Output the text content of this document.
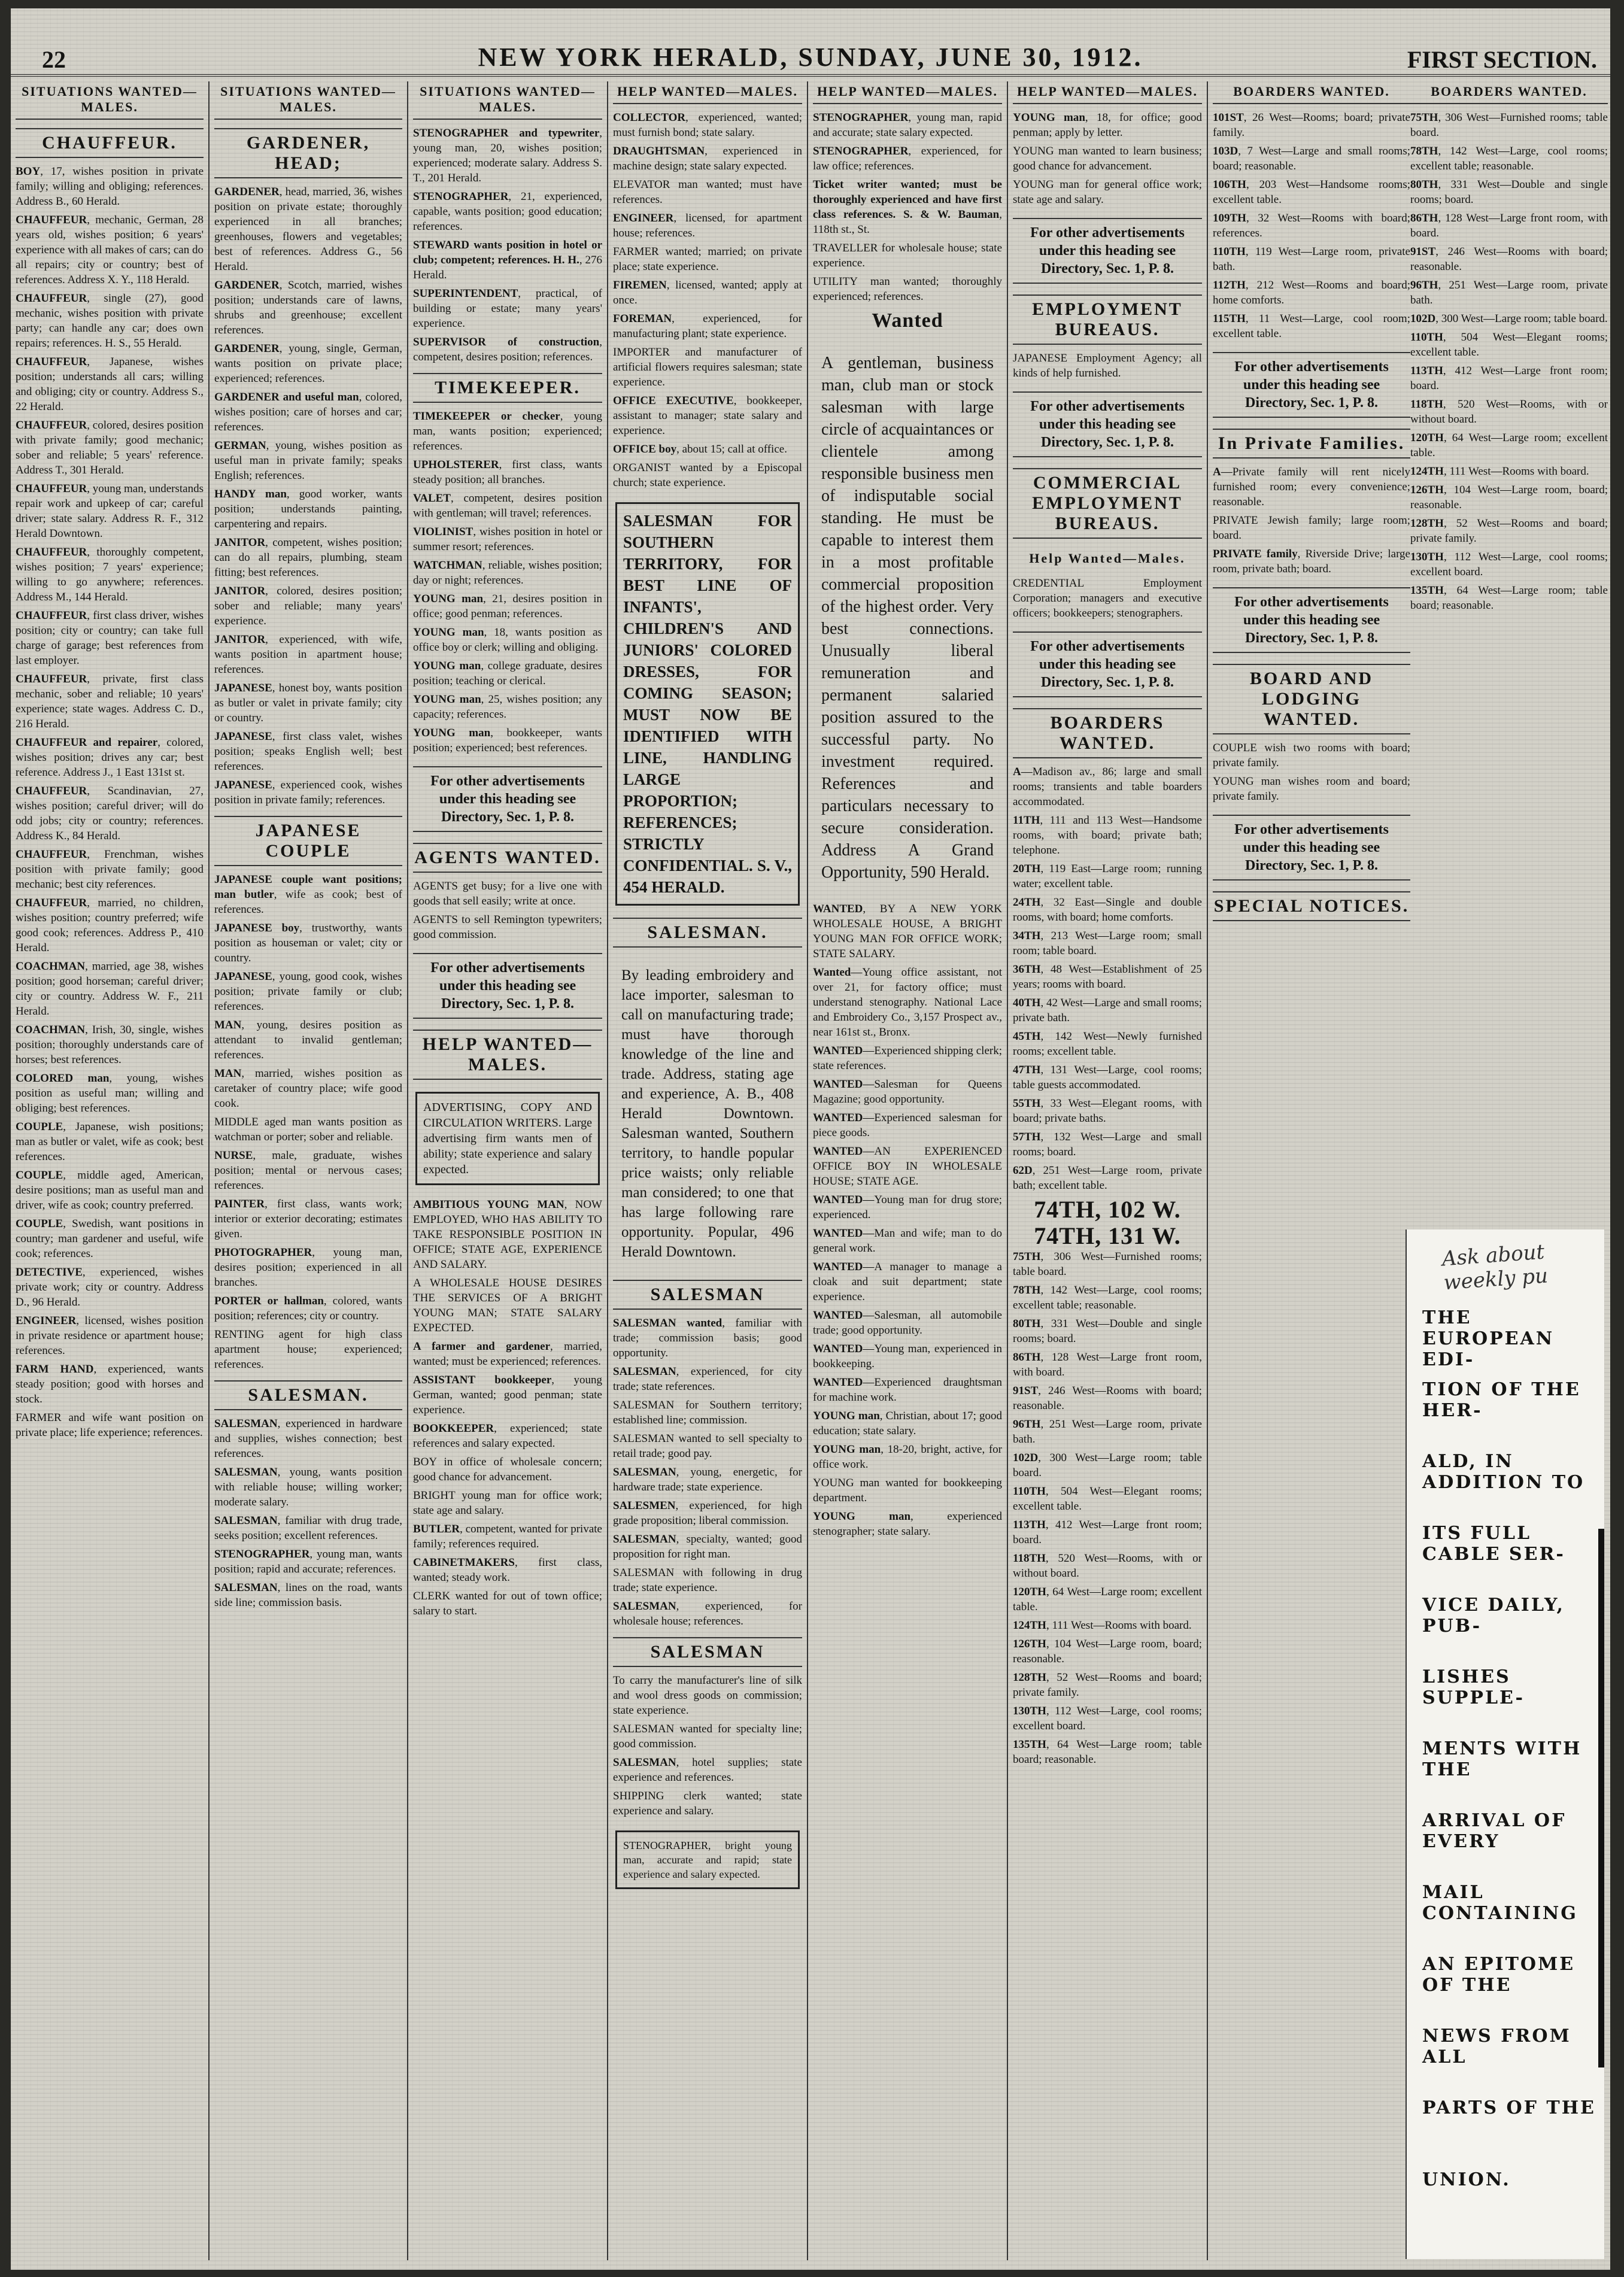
22	NEW YORK HERALD, SUNDAY, JUNE 30, 1912.	FIRST SECTION.
SITUATIONS WANTED—MALES.
CHAUFFEUR.

BOY, 17, wishes position in private family; willing and obliging; references. Address B., 60 Herald.

CHAUFFEUR, mechanic, German, 28 years old, wishes position; 6 years' experience with all makes of cars; can do all repairs; city or country; best of references. Address X. Y., 118 Herald.

CHAUFFEUR, single (27), good mechanic, wishes position with private party; can handle any car; does own repairs; references. H. S., 55 Herald.

CHAUFFEUR, Japanese, wishes position; understands all cars; willing and obliging; city or country. Address S., 22 Herald.

CHAUFFEUR, colored, desires position with private family; good mechanic; sober and reliable; 5 years' reference. Address T., 301 Herald.

CHAUFFEUR, young man, understands repair work and upkeep of car; careful driver; state salary. Address R. F., 312 Herald Downtown.

CHAUFFEUR, thoroughly competent, wishes position; 7 years' experience; willing to go anywhere; references. Address M., 144 Herald.

CHAUFFEUR, first class driver, wishes position; city or country; can take full charge of garage; best references from last employer.

CHAUFFEUR, private, first class mechanic, sober and reliable; 10 years' experience; state wages. Address C. D., 216 Herald.

CHAUFFEUR and repairer, colored, wishes position; drives any car; best reference. Address J., 1 East 131st st.

CHAUFFEUR, Scandinavian, 27, wishes position; careful driver; will do odd jobs; city or country; references. Address K., 84 Herald.

CHAUFFEUR, Frenchman, wishes position with private family; good mechanic; best city references.

CHAUFFEUR, married, no children, wishes position; country preferred; wife good cook; references. Address P., 410 Herald.

COACHMAN, married, age 38, wishes position; good horseman; careful driver; city or country. Address W. F., 211 Herald.

COACHMAN, Irish, 30, single, wishes position; thoroughly understands care of horses; best references.

COLORED man, young, wishes position as useful man; willing and obliging; best references.

COUPLE, Japanese, wish positions; man as butler or valet, wife as cook; best references.

COUPLE, middle aged, American, desire positions; man as useful man and driver, wife as cook; country preferred.

COUPLE, Swedish, want positions in country; man gardener and useful, wife cook; references.

DETECTIVE, experienced, wishes private work; city or country. Address D., 96 Herald.

ENGINEER, licensed, wishes position in private residence or apartment house; references.

FARM HAND, experienced, wants steady position; good with horses and stock.

FARMER and wife want position on private place; life experience; references.

SITUATIONS WANTED—MALES.
GARDENER, HEAD;

GARDENER, head, married, 36, wishes position on private estate; thoroughly experienced in all branches; greenhouses, flowers and vegetables; best of references. Address G., 56 Herald.

GARDENER, Scotch, married, wishes position; understands care of lawns, shrubs and greenhouse; excellent references.

GARDENER, young, single, German, wants position on private place; experienced; references.

GARDENER and useful man, colored, wishes position; care of horses and car; references.

GERMAN, young, wishes position as useful man in private family; speaks English; references.

HANDY man, good worker, wants position; understands painting, carpentering and repairs.

JANITOR, competent, wishes position; can do all repairs, plumbing, steam fitting; best references.

JANITOR, colored, desires position; sober and reliable; many years' experience.

JANITOR, experienced, with wife, wants position in apartment house; references.

JAPANESE, honest boy, wants position as butler or valet in private family; city or country.

JAPANESE, first class valet, wishes position; speaks English well; best references.

JAPANESE, experienced cook, wishes position in private family; references.

JAPANESE COUPLE

JAPANESE couple want positions; man butler, wife as cook; best of references.

JAPANESE boy, trustworthy, wants position as houseman or valet; city or country.

JAPANESE, young, good cook, wishes position; private family or club; references.

MAN, young, desires position as attendant to invalid gentleman; references.

MAN, married, wishes position as caretaker of country place; wife good cook.

MIDDLE aged man wants position as watchman or porter; sober and reliable.

NURSE, male, graduate, wishes position; mental or nervous cases; references.

PAINTER, first class, wants work; interior or exterior decorating; estimates given.

PHOTOGRAPHER, young man, desires position; experienced in all branches.

PORTER or hallman, colored, wants position; references; city or country.

RENTING agent for high class apartment house; experienced; references.

SALESMAN.

SALESMAN, experienced in hardware and supplies, wishes connection; best references.

SALESMAN, young, wants position with reliable house; willing worker; moderate salary.

SALESMAN, familiar with drug trade, seeks position; excellent references.

STENOGRAPHER, young man, wants position; rapid and accurate; references.

SALESMAN, lines on the road, wants side line; commission basis.

SITUATIONS WANTED—MALES.

STENOGRAPHER and typewriter, young man, 20, wishes position; experienced; moderate salary. Address S. T., 201 Herald.

STENOGRAPHER, 21, experienced, capable, wants position; good education; references.

STEWARD wants position in hotel or club; competent; references. H. H., 276 Herald.

SUPERINTENDENT, practical, of building or estate; many years' experience.

SUPERVISOR of construction, competent, desires position; references.

TIMEKEEPER.

TIMEKEEPER or checker, young man, wants position; experienced; references.

UPHOLSTERER, first class, wants steady position; all branches.

VALET, competent, desires position with gentleman; will travel; references.

VIOLINIST, wishes position in hotel or summer resort; references.

WATCHMAN, reliable, wishes position; day or night; references.

YOUNG man, 21, desires position in office; good penman; references.

YOUNG man, 18, wants position as office boy or clerk; willing and obliging.

YOUNG man, college graduate, desires position; teaching or clerical.

YOUNG man, 25, wishes position; any capacity; references.

YOUNG man, bookkeeper, wants position; experienced; best references.

For other advertisements under this heading see Directory, Sec. 1, P. 8.
AGENTS WANTED.

AGENTS get busy; for a live one with goods that sell easily; write at once.

AGENTS to sell Remington typewriters; good commission.

For other advertisements under this heading see Directory, Sec. 1, P. 8.
HELP WANTED—MALES.
ADVERTISING, COPY AND CIRCULATION WRITERS. Large advertising firm wants men of ability; state experience and salary expected.

AMBITIOUS YOUNG MAN, NOW EMPLOYED, WHO HAS ABILITY TO TAKE RESPONSIBLE POSITION IN OFFICE; STATE AGE, EXPERIENCE AND SALARY.

A WHOLESALE HOUSE DESIRES THE SERVICES OF A BRIGHT YOUNG MAN; STATE SALARY EXPECTED.

A farmer and gardener, married, wanted; must be experienced; references.

ASSISTANT bookkeeper, young German, wanted; good penman; state experience.

BOOKKEEPER, experienced; state references and salary expected.

BOY in office of wholesale concern; good chance for advancement.

BRIGHT young man for office work; state age and salary.

BUTLER, competent, wanted for private family; references required.

CABINETMAKERS, first class, wanted; steady work.

CLERK wanted for out of town office; salary to start.

HELP WANTED—MALES.

COLLECTOR, experienced, wanted; must furnish bond; state salary.

DRAUGHTSMAN, experienced in machine design; state salary expected.

ELEVATOR man wanted; must have references.

ENGINEER, licensed, for apartment house; references.

FARMER wanted; married; on private place; state experience.

FIREMEN, licensed, wanted; apply at once.

FOREMAN, experienced, for manufacturing plant; state experience.

IMPORTER and manufacturer of artificial flowers requires salesman; state experience.

OFFICE EXECUTIVE, bookkeeper, assistant to manager; state salary and experience.

OFFICE boy, about 15; call at office.

ORGANIST wanted by a Episcopal church; state experience.

SALESMAN FOR SOUTHERN TERRITORY, FOR BEST LINE OF INFANTS', CHILDREN'S AND JUNIORS' COLORED DRESSES, FOR COMING SEASON; MUST NOW BE IDENTIFIED WITH LINE, HANDLING LARGE PROPORTION; REFERENCES; STRICTLY CONFIDENTIAL. S. V., 454 HERALD.
SALESMAN.
By leading embroidery and lace importer, salesman to call on manufacturing trade; must have thorough knowledge of the line and trade. Address, stating age and experience, A. B., 408 Herald Downtown. Salesman wanted, Southern territory, to handle popular price waists; only reliable man considered; to one that has large following rare opportunity. Popular, 496 Herald Downtown.
SALESMAN

SALESMAN wanted, familiar with trade; commission basis; good opportunity.

SALESMAN, experienced, for city trade; state references.

SALESMAN for Southern territory; established line; commission.

SALESMAN wanted to sell specialty to retail trade; good pay.

SALESMAN, young, energetic, for hardware trade; state experience.

SALESMEN, experienced, for high grade proposition; liberal commission.

SALESMAN, specialty, wanted; good proposition for right man.

SALESMAN with following in drug trade; state experience.

SALESMAN, experienced, for wholesale house; references.

SALESMAN

To carry the manufacturer's line of silk and wool dress goods on commission; state experience.

SALESMAN wanted for specialty line; good commission.

SALESMAN, hotel supplies; state experience and references.

SHIPPING clerk wanted; state experience and salary.

STENOGRAPHER, bright young man, accurate and rapid; state experience and salary expected.
HELP WANTED—MALES.

STENOGRAPHER, young man, rapid and accurate; state salary expected.

STENOGRAPHER, experienced, for law office; references.

Ticket writer wanted; must be thoroughly experienced and have first class references. S. & W. Bauman, 118th st., St.

TRAVELLER for wholesale house; state experience.

UTILITY man wanted; thoroughly experienced; references.

Wanted
A gentleman, business man, club man or stock salesman with large circle of acquaintances or clientele among responsible business men of indisputable social standing. He must be capable to interest them in a most profitable commercial proposition of the highest order. Very best connections. Unusually liberal remuneration and permanent salaried position assured to the successful party. No investment required. References and particulars necessary to secure consideration. Address A Grand Opportunity, 590 Herald.

WANTED, BY A NEW YORK WHOLESALE HOUSE, A BRIGHT YOUNG MAN FOR OFFICE WORK; STATE SALARY.

Wanted—Young office assistant, not over 21, for factory office; must understand stenography. National Lace and Embroidery Co., 3,157 Prospect av., near 161st st., Bronx.

WANTED—Experienced shipping clerk; state references.

WANTED—Salesman for Queens Magazine; good opportunity.

WANTED—Experienced salesman for piece goods.

WANTED—AN EXPERIENCED OFFICE BOY IN WHOLESALE HOUSE; STATE AGE.

WANTED—Young man for drug store; experienced.

WANTED—Man and wife; man to do general work.

WANTED—A manager to manage a cloak and suit department; state experience.

WANTED—Salesman, all automobile trade; good opportunity.

WANTED—Young man, experienced in bookkeeping.

WANTED—Experienced draughtsman for machine work.

YOUNG man, Christian, about 17; good education; state salary.

YOUNG man, 18-20, bright, active, for office work.

YOUNG man wanted for bookkeeping department.

YOUNG man, experienced stenographer; state salary.

HELP WANTED—MALES.

YOUNG man, 18, for office; good penman; apply by letter.

YOUNG man wanted to learn business; good chance for advancement.

YOUNG man for general office work; state age and salary.

For other advertisements under this heading see Directory, Sec. 1, P. 8.
EMPLOYMENT BUREAUS.

JAPANESE Employment Agency; all kinds of help furnished.

For other advertisements under this heading see Directory, Sec. 1, P. 8.
COMMERCIAL EMPLOYMENT BUREAUS.
Help Wanted—Males.

CREDENTIAL Employment Corporation; managers and executive officers; bookkeepers; stenographers.

For other advertisements under this heading see Directory, Sec. 1, P. 8.
BOARDERS WANTED.

A—Madison av., 86; large and small rooms; transients and table boarders accommodated.

11TH, 111 and 113 West—Handsome rooms, with board; private bath; telephone.

20TH, 119 East—Large room; running water; excellent table.

24TH, 32 East—Single and double rooms, with board; home comforts.

34TH, 213 West—Large room; small room; table board.

36TH, 48 West—Establishment of 25 years; rooms with board.

40TH, 42 West—Large and small rooms; private bath.

45TH, 142 West—Newly furnished rooms; excellent table.

47TH, 131 West—Large, cool rooms; table guests accommodated.

55TH, 33 West—Elegant rooms, with board; private baths.

57TH, 132 West—Large and small rooms; board.

62D, 251 West—Large room, private bath; excellent table.

74TH, 102 W.
74TH, 131 W.

75TH, 306 West—Furnished rooms; table board.

78TH, 142 West—Large, cool rooms; excellent table; reasonable.

80TH, 331 West—Double and single rooms; board.

86TH, 128 West—Large front room, with board.

91ST, 246 West—Rooms with board; reasonable.

96TH, 251 West—Large room, private bath.

102D, 300 West—Large room; table board.

110TH, 504 West—Elegant rooms; excellent table.

113TH, 412 West—Large front room; board.

118TH, 520 West—Rooms, with or without board.

120TH, 64 West—Large room; excellent table.

124TH, 111 West—Rooms with board.

126TH, 104 West—Large room, board; reasonable.

128TH, 52 West—Rooms and board; private family.

130TH, 112 West—Large, cool rooms; excellent board.

135TH, 64 West—Large room; table board; reasonable.

BOARDERS WANTED.

101ST, 26 West—Rooms; board; private family.

103D, 7 West—Large and small rooms; board; reasonable.

106TH, 203 West—Handsome rooms; excellent table.

109TH, 32 West—Rooms with board; references.

110TH, 119 West—Large room, private bath.

112TH, 212 West—Rooms and board; home comforts.

115TH, 11 West—Large, cool room; excellent table.

For other advertisements under this heading see Directory, Sec. 1, P. 8.
In Private Families.

A—Private family will rent nicely furnished room; every convenience; reasonable.

PRIVATE Jewish family; large room; board.

PRIVATE family, Riverside Drive; large room, private bath; board.

For other advertisements under this heading see Directory, Sec. 1, P. 8.
BOARD AND LODGING WANTED.

COUPLE wish two rooms with board; private family.

YOUNG man wishes room and board; private family.

For other advertisements under this heading see Directory, Sec. 1, P. 8.
SPECIAL NOTICES.
BOARDERS WANTED.

75TH, 306 West—Furnished rooms; table board.

78TH, 142 West—Large, cool rooms; excellent table; reasonable.

80TH, 331 West—Double and single rooms; board.

86TH, 128 West—Large front room, with board.

91ST, 246 West—Rooms with board; reasonable.

96TH, 251 West—Large room, private bath.

102D, 300 West—Large room; table board.

110TH, 504 West—Elegant rooms; excellent table.

113TH, 412 West—Large front room; board.

118TH, 520 West—Rooms, with or without board.

120TH, 64 West—Large room; excellent table.

124TH, 111 West—Rooms with board.

126TH, 104 West—Large room, board; reasonable.

128TH, 52 West—Rooms and board; private family.

130TH, 112 West—Large, cool rooms; excellent board.

135TH, 64 West—Large room; table board; reasonable.

THE EUROPEAN EDI-
TION OF THE HER-
ALD, IN ADDITION TO
ITS FULL CABLE SER-
VICE DAILY, PUB-
LISHES SUPPLE-
MENTS WITH THE
ARRIVAL OF EVERY
MAIL CONTAINING
AN EPITOME OF THE
NEWS FROM ALL
PARTS OF THE
UNION.
Ask about weekly pu
